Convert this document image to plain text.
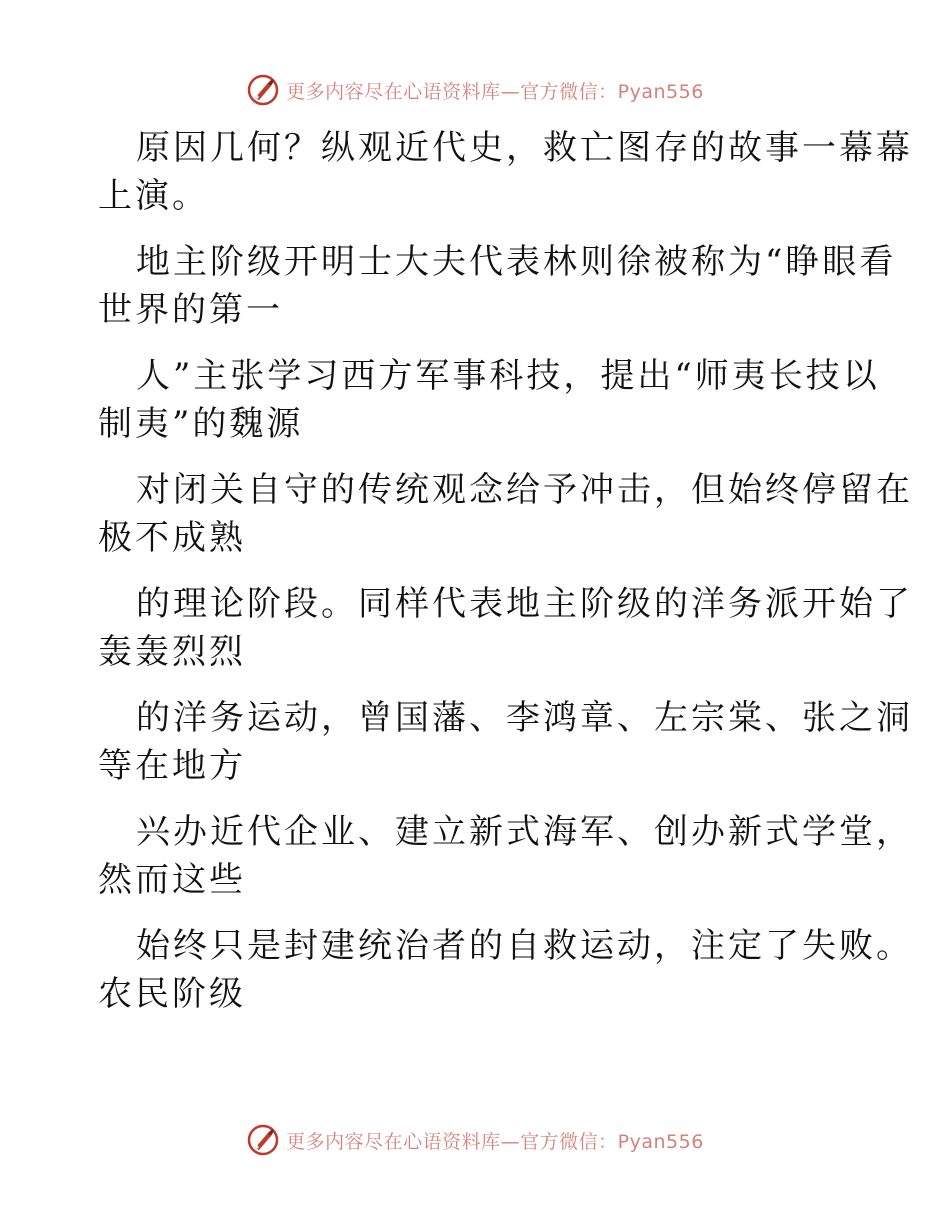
更多内容尽在心语资料库—官方微信：Pyan556
原因几何？纵观近代史，救亡图存的故事一幕幕
上演。
地主阶级开明士大夫代表林则徐被称为“睁眼看
世界的第一
人”主张学习西方军事科技，提出“师夷长技以
制夷”的魏源
对闭关自守的传统观念给予冲击，但始终停留在
极不成熟
的理论阶段。同样代表地主阶级的洋务派开始了
轰轰烈烈
的洋务运动，曾国藩、李鸿章、左宗棠、张之洞
等在地方
兴办近代企业、建立新式海军、创办新式学堂，
然而这些
始终只是封建统治者的自救运动，注定了失败。
农民阶级
更多内容尽在心语资料库—官方微信：Pyan556
